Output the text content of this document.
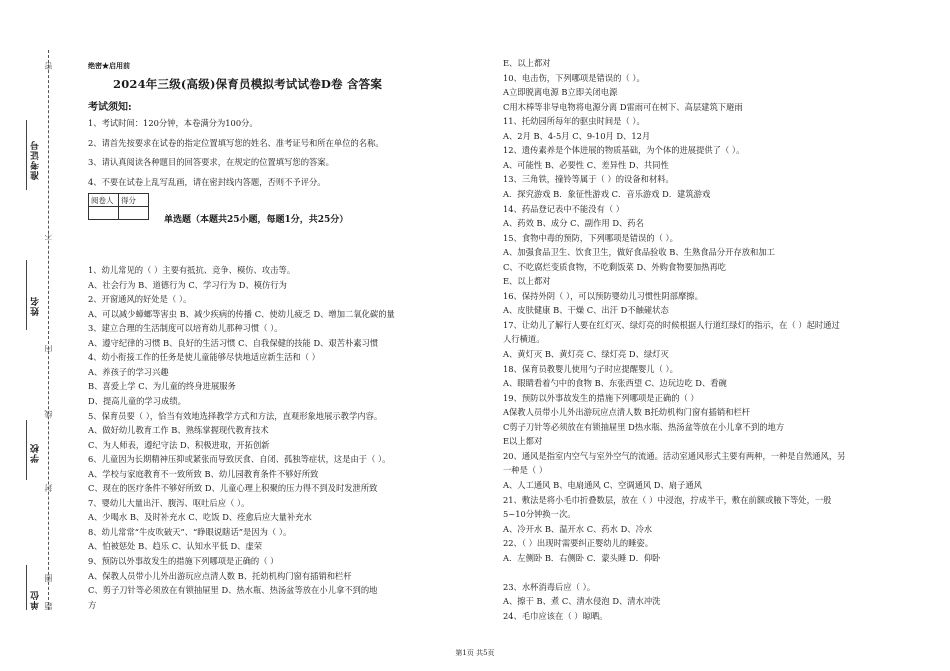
准考证号
姓名
学校
单位
密
不
内
线
封
圈
题
绝密★启用前
2024年三级(高级)保育员模拟考试试卷D卷 含答案
考试须知:
1、考试时间：120分钟，本卷满分为100分。
2、请首先按要求在试卷的指定位置填写您的姓名、准考证号和所在单位的名称。
3、请认真阅读各种题目的回答要求，在规定的位置填写您的答案。
4、不要在试卷上乱写乱画，请在密封线内答题，否则不予评分。
阅卷人	得分

单选题（本题共25小题，每题1分，共25分）
1、幼儿常见的（ ）主要有抵抗、竞争、模仿、攻击等。
A、社会行为 B、道德行为 C、学习行为 D、模仿行为
2、开窗通风的好处是（ ）。
A、可以减少蟑螂等害虫 B、减少疾病的传播 C、使幼儿疲乏 D、增加二氧化碳的量
3、建立合理的生活制度可以培育幼儿那种习惯（ ）。
A、遵守纪律的习惯 B、良好的生活习惯 C、自我保健的技能 D、艰苦朴素习惯
4、幼小衔接工作的任务是使儿童能够尽快地适应新生活和（ ）
A、养孩子的学习兴趣
B、喜爱上学 C、为儿童的终身进展服务
D、提高儿童的学习成绩。
5、保育员要（ ），恰当有效地选择教学方式和方法，直观形象地展示教学内容。
A、做好幼儿教育工作 B、熟练掌握现代教育技术
C、为人师表，遵纪守法 D、积极进取，开拓创新
6、儿童因为长期精神压抑或紧张而导致厌食、自闭、孤独等症状，这是由于（ ）。
A、学校与家庭教育不一致所致 B、幼儿园教育条件不够好所致
C、现在的医疗条件不够好所致 D、儿童心理上积聚的压力得不到及时发泄所致
7、婴幼儿大量出汗、腹泻、呕吐后应（ ）。
A、少喝水 B、及时补充水 C、吃饭 D、痊愈后应大量补充水
8、幼儿常常“牛皮吹破天”、“睁眼说瞎话”是因为（ ）。
A、怕被惩处 B、趋乐 C、认知水平低 D、虚荣
9、预防以外事故发生的措施下列哪项是正确的（ ）
A、保教人员带小儿外出游玩应点清人数 B、托幼机构门窗有插销和栏杆
C、剪子刀针等必须放在有锁抽屉里 D、热水瓶、热汤盆等放在小儿拿不到的地
方
E、以上都对
10、电击伤，下列哪项是错误的（ ）。
A立即脱离电源 B立即关闭电源
C用木棒等非导电物将电源分离 D雷雨可在树下、高层建筑下避雨
11、托幼园所每年的驱虫时间是（ ）。
A、2月 B、4-5月 C、9-10月 D、12月
12、遗传素养是个体进展的物质基础，为个体的进展提供了（ ）。
A、可能性 B、必要性 C、差异性 D、共同性
13、三角铁，撞铃等属于（ ）的设备和材料。
A．探究游戏 B．象征性游戏 C．音乐游戏 D．建筑游戏
14、药品登记表中不能没有（ ）
A、药效 B、成分 C、副作用 D、药名
15、食物中毒的预防，下列哪项是错误的（ ）。
A、加强食品卫生、饮食卫生，做好食品验收 B、生熟食品分开存放和加工
C、不吃腐烂变质食物，不吃剩饭菜 D、外购食物要加热再吃
E、以上都对
16、保持外阴（ ），可以预防婴幼儿习惯性阴部摩擦。
A、皮肤健康 B、干燥 C、出汗 D不触碰状态
17、让幼儿了解行人要在红灯灭、绿灯亮的时候根据人行道红绿灯的指示，在（ ）起时通过
人行横道。
A、黄灯灭 B、黄灯亮 C、绿灯亮 D、绿灯灭
18、保育员教婴儿使用勺子时应提醒婴儿（ ）。
A、眼睛看着勺中的食物 B、东张西望 C、边玩边吃 D、看碗
19、预防以外事故发生的措施下列哪项是正确的（ ）
A保教人员带小儿外出游玩应点清人数 B托幼机构门窗有插销和栏杆
C剪子刀针等必须放在有锁抽屉里 D热水瓶、热汤盆等放在小儿拿不到的地方
E以上都对
20、通风是指室内空气与室外空气的流通。活动室通风形式主要有两种，一种是自然通风，另
一种是（ ）
A、人工通风 B、电扇通风 C、空调通风 D、扇子通风
21、敷法是将小毛巾折叠数层，放在（ ）中浸泡，拧成半干，敷在前额或腋下等处，一般
5~10分钟换一次。
A、冷开水 B、温开水 C、药水 D、冷水
22、（ ）出现时需要纠正婴幼儿的睡姿。
A．左侧卧 B．右侧卧 C．蒙头睡 D．仰卧
23、水杯消毒后应（ ）。
A、擦干 B、煮 C、清水侵泡 D、清水冲洗
24、毛巾应该在（ ）晾晒。
第1页 共5页
